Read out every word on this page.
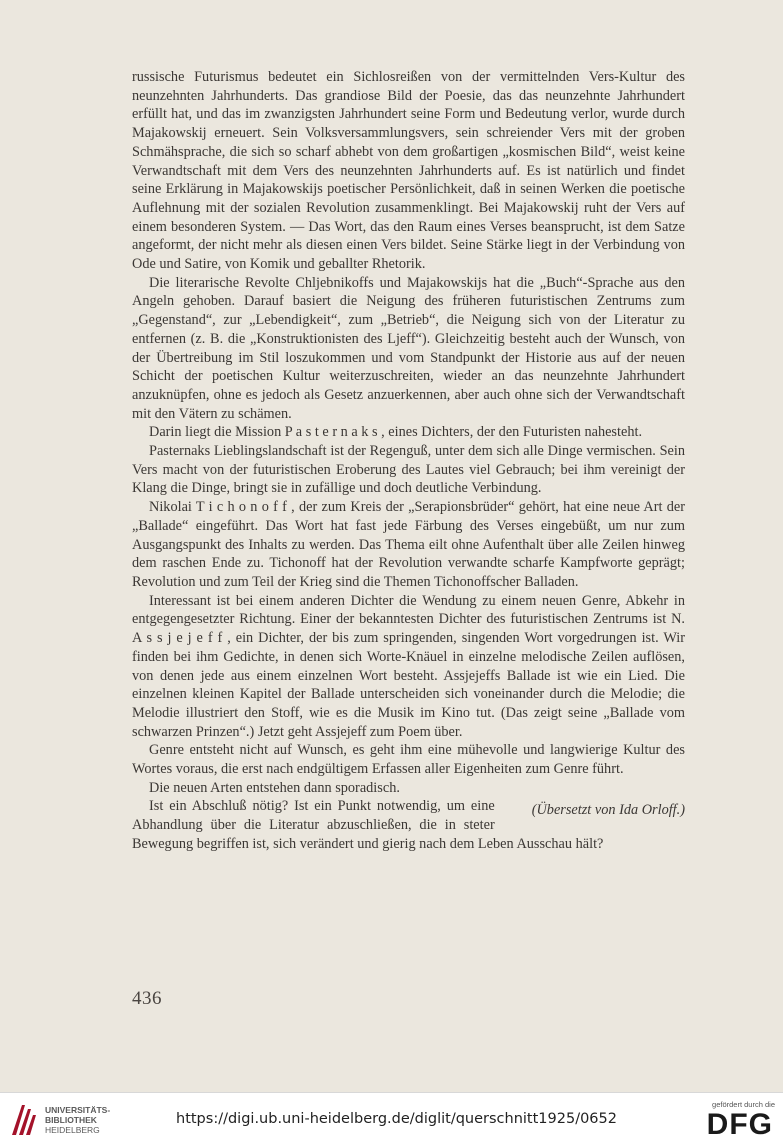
russische Futurismus bedeutet ein Sichlosreißen von der vermittelnden Vers-Kultur des neunzehnten Jahrhunderts. Das grandiose Bild der Poesie, das das neunzehnte Jahrhundert erfüllt hat, und das im zwanzigsten Jahrhundert seine Form und Bedeutung verlor, wurde durch Majakowskij erneuert. Sein Volksversammlungsvers, sein schreiender Vers mit der groben Schmähsprache, die sich so scharf abhebt von dem großartigen „kosmischen Bild“, weist keine Verwandtschaft mit dem Vers des neunzehnten Jahrhunderts auf. Es ist natürlich und findet seine Erklärung in Majakowskijs poetischer Persönlichkeit, daß in seinen Werken die poetische Auflehnung mit der sozialen Revolution zusammenklingt. Bei Majakowskij ruht der Vers auf einem besonderen System. — Das Wort, das den Raum eines Verses beansprucht, ist dem Satze angeformt, der nicht mehr als diesen einen Vers bildet. Seine Stärke liegt in der Verbindung von Ode und Satire, von Komik und geballter Rhetorik.

Die literarische Revolte Chljebnikoffs und Majakowskijs hat die „Buch“-Sprache aus den Angeln gehoben. Darauf basiert die Neigung des früheren futuristischen Zentrums zum „Gegenstand“, zur „Lebendigkeit“, zum „Betrieb“, die Neigung sich von der Literatur zu entfernen (z. B. die „Konstruktionisten des Ljeff“). Gleichzeitig besteht auch der Wunsch, von der Übertreibung im Stil loszukommen und vom Standpunkt der Historie aus auf der neuen Schicht der poetischen Kultur weiterzuschreiten, wieder an das neunzehnte Jahrhundert anzuknüpfen, ohne es jedoch als Gesetz anzuerkennen, aber auch ohne sich der Verwandtschaft mit den Vätern zu schämen.

Darin liegt die Mission P a s t e r n a k s , eines Dichters, der den Futuristen nahesteht.

Pasternaks Lieblingslandschaft ist der Regenguß, unter dem sich alle Dinge vermischen. Sein Vers macht von der futuristischen Eroberung des Lautes viel Gebrauch; bei ihm vereinigt der Klang die Dinge, bringt sie in zufällige und doch deutliche Verbindung.

Nikolai T i c h o n o f f , der zum Kreis der „Serapionsbrüder“ gehört, hat eine neue Art der „Ballade“ eingeführt. Das Wort hat fast jede Färbung des Verses eingebüßt, um nur zum Ausgangspunkt des Inhalts zu werden. Das Thema eilt ohne Aufenthalt über alle Zeilen hinweg dem raschen Ende zu. Tichonoff hat der Revolution verwandte scharfe Kampfworte geprägt; Revolution und zum Teil der Krieg sind die Themen Tichonoffscher Balladen.

Interessant ist bei einem anderen Dichter die Wendung zu einem neuen Genre, Abkehr in entgegengesetzter Richtung. Einer der bekanntesten Dichter des futuristischen Zentrums ist N. A s s j e j e f f , ein Dichter, der bis zum springenden, singenden Wort vorgedrungen ist. Wir finden bei ihm Gedichte, in denen sich Worte-Knäuel in einzelne melodische Zeilen auflösen, von denen jede aus einem einzelnen Wort besteht. Assjejeffs Ballade ist wie ein Lied. Die einzelnen kleinen Kapitel der Ballade unterscheiden sich voneinander durch die Melodie; die Melodie illustriert den Stoff, wie es die Musik im Kino tut. (Das zeigt seine „Ballade vom schwarzen Prinzen“.) Jetzt geht Assjejeff zum Poem über.

Genre entsteht nicht auf Wunsch, es geht ihm eine mühevolle und langwierige Kultur des Wortes voraus, die erst nach endgültigem Erfassen aller Eigenheiten zum Genre führt.

Die neuen Arten entstehen dann sporadisch.

(Übersetzt von Ida Orloff.)
Ist ein Abschluß nötig? Ist ein Punkt notwendig, um eine Abhandlung über die Literatur abzuschließen, die in steter Bewegung begriffen ist, sich verändert und gierig nach dem Leben Ausschau hält?

436
UNIVERSITÄTS-
BIBLIOTHEK
HEIDELBERG
https://digi.ub.uni-heidelberg.de/diglit/querschnitt1925/0652
gefördert durch die
DFG
